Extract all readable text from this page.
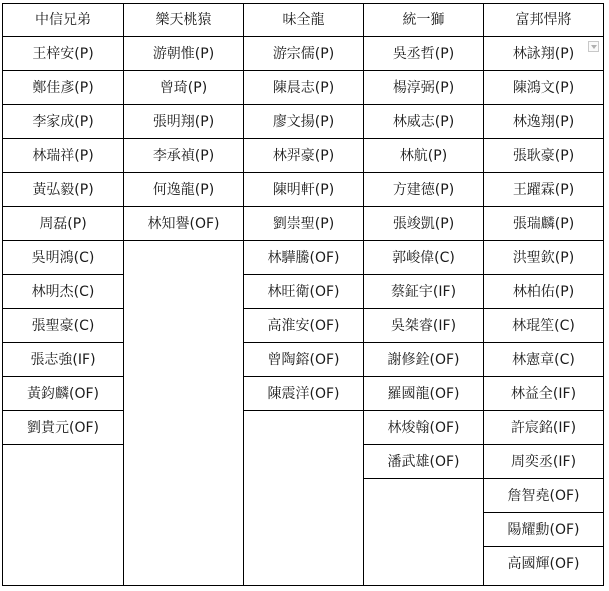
中信兄弟
王梓安(P)
鄭佳彥(P)
李家成(P)
林瑞祥(P)
黃弘毅(P)
周磊(P)
吳明鴻(C)
林明杰(C)
張聖豪(C)
張志強(IF)
黃鈞麟(OF)
劉貴元(OF)
樂天桃猿
游朝惟(P)
曾琦(P)
張明翔(P)
李承禎(P)
何逸龍(P)
林知譽(OF)
味全龍
游宗儒(P)
陳晨志(P)
廖文揚(P)
林羿豪(P)
陳明軒(P)
劉崇聖(P)
林驊騰(OF)
林旺衛(OF)
高淮安(OF)
曾陶鎔(OF)
陳震洋(OF)
統一獅
吳丞哲(P)
楊淳弼(P)
林威志(P)
林航(P)
方建德(P)
張竣凱(P)
郭峻偉(C)
蔡鉦宇(IF)
吳桀睿(IF)
謝修銓(OF)
羅國龍(OF)
林焌翰(OF)
潘武雄(OF)
富邦悍將
林詠翔(P)
陳鴻文(P)
林逸翔(P)
張耿豪(P)
王躍霖(P)
張瑞麟(P)
洪聖欽(P)
林柏佑(P)
林琨笙(C)
林憲章(C)
林益全(IF)
許宸銘(IF)
周奕丞(IF)
詹智堯(OF)
陽耀勳(OF)
高國輝(OF)
